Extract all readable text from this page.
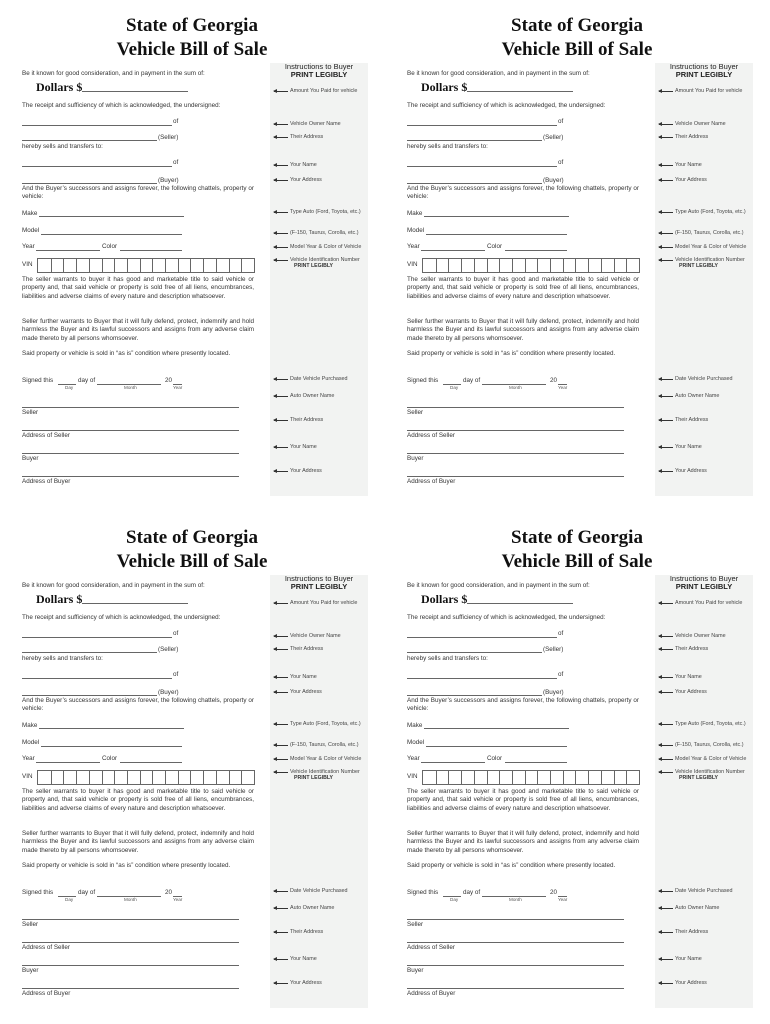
State of Georgia
Vehicle Bill of Sale
Instructions to Buyer
PRINT LEGIBLY
Amount You Paid for vehicle
Vehicle Owner Name
Their Address
Your Name
Your Address
Type Auto (Ford, Toyota, etc.)
(F-150, Taurus, Corolla, etc.)
Model Year & Color of Vehicle
Vehicle Identification Number
PRINT LEGIBLY
Date Vehicle Purchased
Auto Owner Name
Their Address
Your Name
Your Address
Be it known for good consideration, and in payment in the sum of:
Dollars $
The receipt and sufficiency of which is acknowledged, the undersigned:
of
(Seller)
hereby sells and transfers to:
of
(Buyer)
And the Buyer’s successors and assigns forever, the following chattels, property or vehicle:
Make
Model
Year	Color
VIN
The seller warrants to buyer it has good and marketable title to said vehicle or property and, that said vehicle or property is sold free of all liens, encumbrances, liabilities and adverse claims of every nature and description whatsoever.
Seller further warrants to Buyer that it will fully defend, protect, indemnify and hold harmless the Buyer and its lawful successors and assigns from any adverse claim made thereto by all persons whomsoever.
Said property or vehicle is sold in “as is” condition where presently located.
Signed this	day of	20
Day	Month	Year
Seller
Address of Seller
Buyer
Address of Buyer
State of Georgia
Vehicle Bill of Sale
Instructions to Buyer
PRINT LEGIBLY
Amount You Paid for vehicle
Vehicle Owner Name
Their Address
Your Name
Your Address
Type Auto (Ford, Toyota, etc.)
(F-150, Taurus, Corolla, etc.)
Model Year & Color of Vehicle
Vehicle Identification Number
PRINT LEGIBLY
Date Vehicle Purchased
Auto Owner Name
Their Address
Your Name
Your Address
Be it known for good consideration, and in payment in the sum of:
Dollars $
The receipt and sufficiency of which is acknowledged, the undersigned:
of
(Seller)
hereby sells and transfers to:
of
(Buyer)
And the Buyer’s successors and assigns forever, the following chattels, property or vehicle:
Make
Model
Year	Color
VIN
The seller warrants to buyer it has good and marketable title to said vehicle or property and, that said vehicle or property is sold free of all liens, encumbrances, liabilities and adverse claims of every nature and description whatsoever.
Seller further warrants to Buyer that it will fully defend, protect, indemnify and hold harmless the Buyer and its lawful successors and assigns from any adverse claim made thereto by all persons whomsoever.
Said property or vehicle is sold in “as is” condition where presently located.
Signed this	day of	20
Day	Month	Year
Seller
Address of Seller
Buyer
Address of Buyer
State of Georgia
Vehicle Bill of Sale
Instructions to Buyer
PRINT LEGIBLY
Amount You Paid for vehicle
Vehicle Owner Name
Their Address
Your Name
Your Address
Type Auto (Ford, Toyota, etc.)
(F-150, Taurus, Corolla, etc.)
Model Year & Color of Vehicle
Vehicle Identification Number
PRINT LEGIBLY
Date Vehicle Purchased
Auto Owner Name
Their Address
Your Name
Your Address
Be it known for good consideration, and in payment in the sum of:
Dollars $
The receipt and sufficiency of which is acknowledged, the undersigned:
of
(Seller)
hereby sells and transfers to:
of
(Buyer)
And the Buyer’s successors and assigns forever, the following chattels, property or vehicle:
Make
Model
Year	Color
VIN
The seller warrants to buyer it has good and marketable title to said vehicle or property and, that said vehicle or property is sold free of all liens, encumbrances, liabilities and adverse claims of every nature and description whatsoever.
Seller further warrants to Buyer that it will fully defend, protect, indemnify and hold harmless the Buyer and its lawful successors and assigns from any adverse claim made thereto by all persons whomsoever.
Said property or vehicle is sold in “as is” condition where presently located.
Signed this	day of	20
Day	Month	Year
Seller
Address of Seller
Buyer
Address of Buyer
State of Georgia
Vehicle Bill of Sale
Instructions to Buyer
PRINT LEGIBLY
Amount You Paid for vehicle
Vehicle Owner Name
Their Address
Your Name
Your Address
Type Auto (Ford, Toyota, etc.)
(F-150, Taurus, Corolla, etc.)
Model Year & Color of Vehicle
Vehicle Identification Number
PRINT LEGIBLY
Date Vehicle Purchased
Auto Owner Name
Their Address
Your Name
Your Address
Be it known for good consideration, and in payment in the sum of:
Dollars $
The receipt and sufficiency of which is acknowledged, the undersigned:
of
(Seller)
hereby sells and transfers to:
of
(Buyer)
And the Buyer’s successors and assigns forever, the following chattels, property or vehicle:
Make
Model
Year	Color
VIN
The seller warrants to buyer it has good and marketable title to said vehicle or property and, that said vehicle or property is sold free of all liens, encumbrances, liabilities and adverse claims of every nature and description whatsoever.
Seller further warrants to Buyer that it will fully defend, protect, indemnify and hold harmless the Buyer and its lawful successors and assigns from any adverse claim made thereto by all persons whomsoever.
Said property or vehicle is sold in “as is” condition where presently located.
Signed this	day of	20
Day	Month	Year
Seller
Address of Seller
Buyer
Address of Buyer
